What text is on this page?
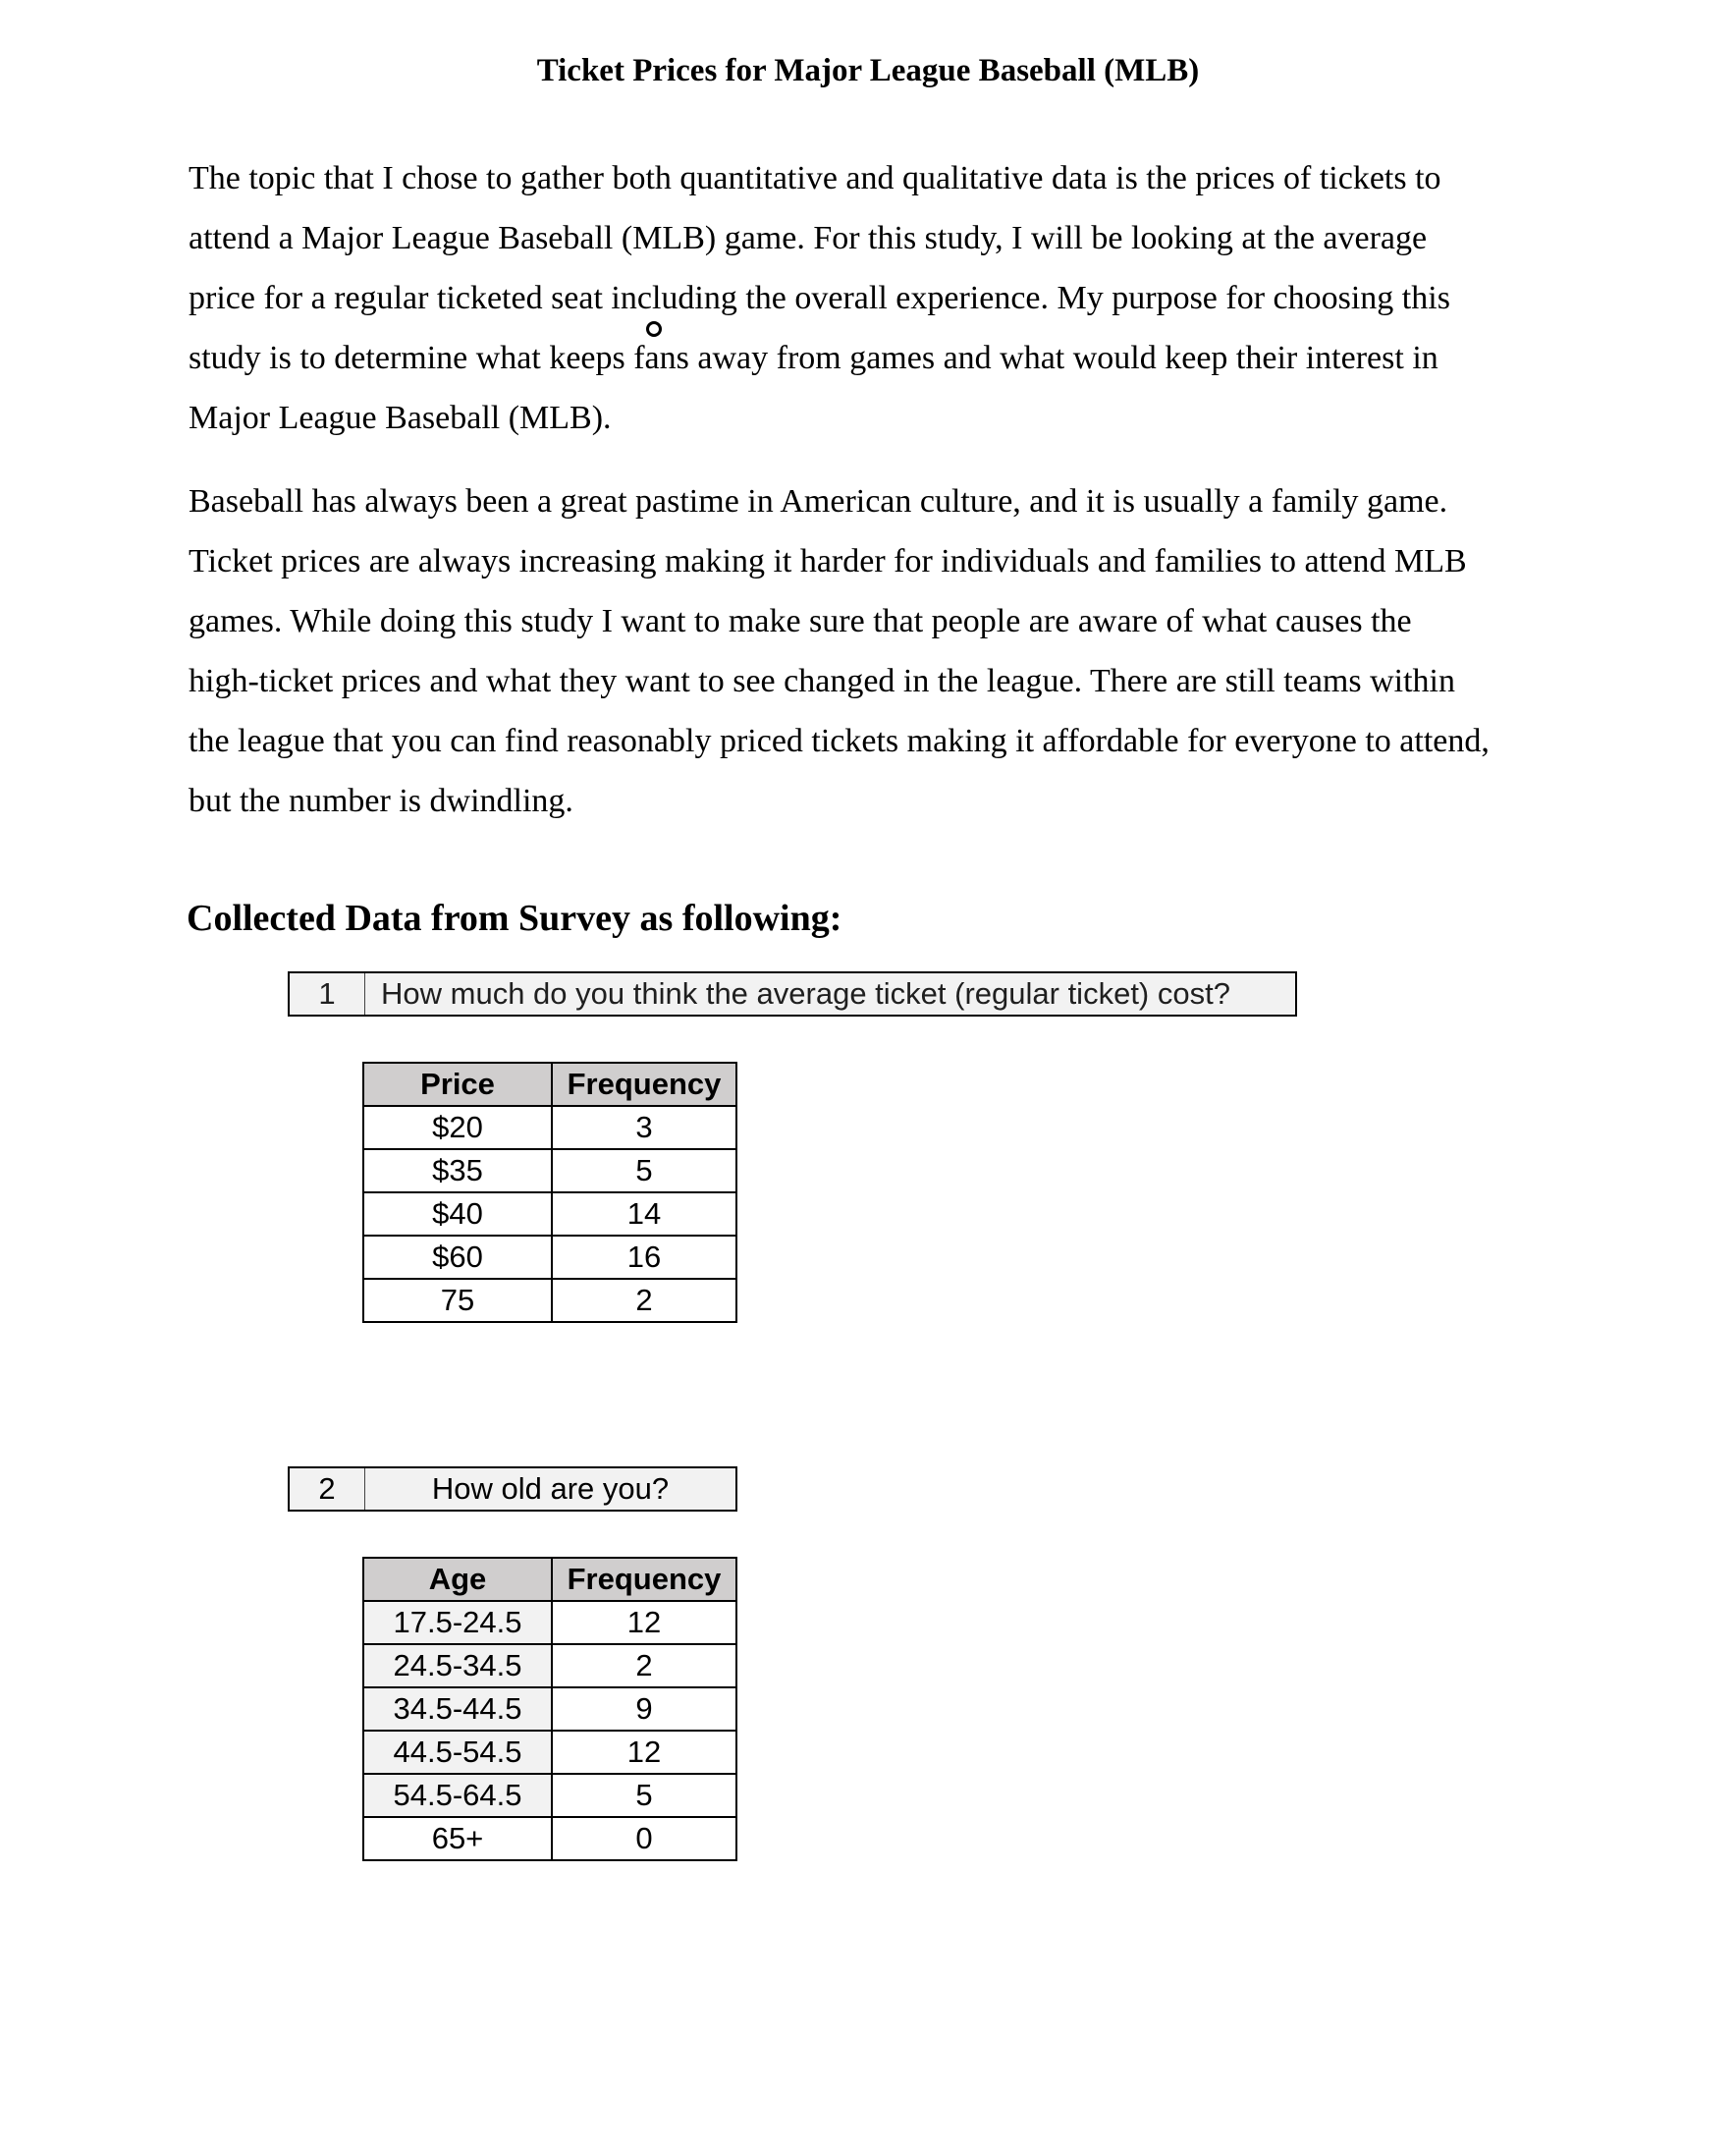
Ticket Prices for Major League Baseball (MLB)
The topic that I chose to gather both quantitative and qualitative data is the prices of tickets to
attend a Major League Baseball (MLB) game. For this study, I will be looking at the average
price for a regular ticketed seat including the overall experience. My purpose for choosing this
study is to determine what keeps fans away from games and what would keep their interest in
Major League Baseball (MLB).
Baseball has always been a great pastime in American culture, and it is usually a family game.
Ticket prices are always increasing making it harder for individuals and families to attend MLB
games. While doing this study I want to make sure that people are aware of what causes the
high-ticket prices and what they want to see changed in the league. There are still teams within
the league that you can find reasonably priced tickets making it affordable for everyone to attend,
but the number is dwindling.
Collected Data from Survey as following:
1	How much do you think the average ticket (regular ticket) cost?
Price	Frequency
$20	3
$35	5
$40	14
$60	16
75	2
2	How old are you?
Age	Frequency
17.5-24.5	12
24.5-34.5	2
34.5-44.5	9
44.5-54.5	12
54.5-64.5	5
65+	0
